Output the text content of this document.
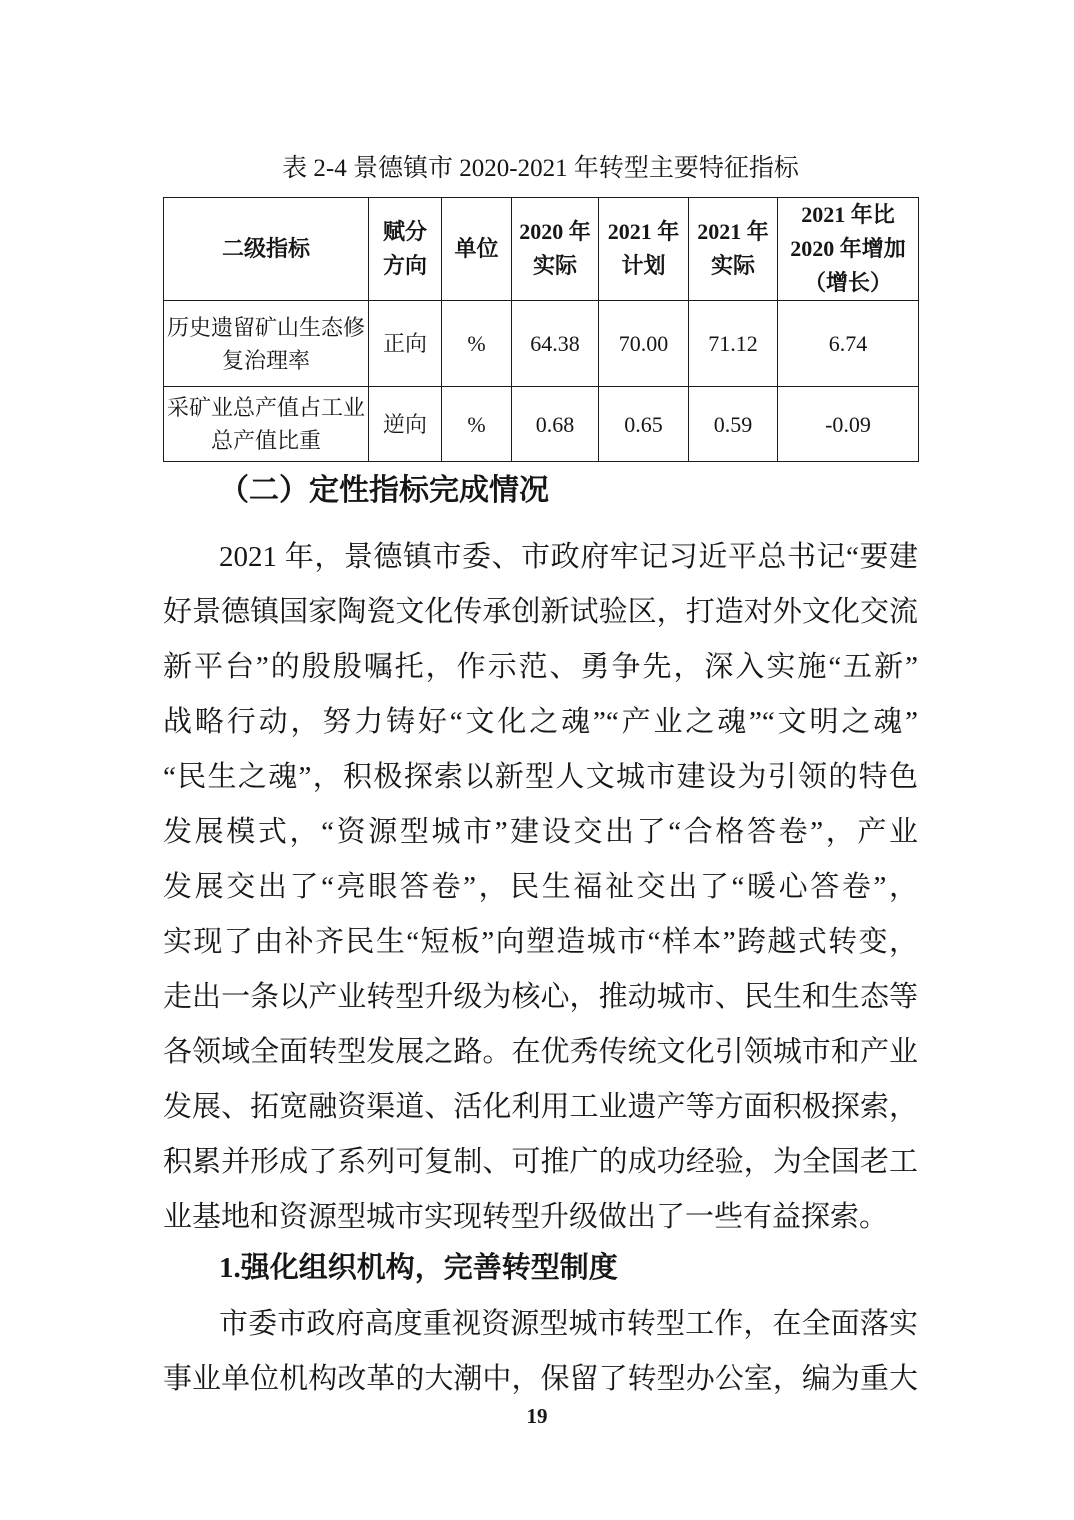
表 2-4 景德镇市 2020-2021 年转型主要特征指标
二级指标	赋分方向	单位	2020 年实际	2021 年计划	2021 年实际	2021 年比 2020 年增加（增长）
历史遗留矿山生态修复治理率	正向	%	64.38	70.00	71.12	6.74
采矿业总产值占工业总产值比重	逆向	%	0.68	0.65	0.59	-0.09
（二）定性指标完成情况
2021 年，景德镇市委、市政府牢记习近平总书记“要建
好景德镇国家陶瓷文化传承创新试验区，打造对外文化交流
新平台”的殷殷嘱托，作示范、勇争先，深入实施“五新”
战略行动，努力铸好“文化之魂”“产业之魂”“文明之魂”
“民生之魂”，积极探索以新型人文城市建设为引领的特色
发展模式，“资源型城市”建设交出了“合格答卷”，产业
发展交出了“亮眼答卷”，民生福祉交出了“暖心答卷”，
实现了由补齐民生“短板”向塑造城市“样本”跨越式转变，
走出一条以产业转型升级为核心，推动城市、民生和生态等
各领域全面转型发展之路。在优秀传统文化引领城市和产业
发展、拓宽融资渠道、活化利用工业遗产等方面积极探索，
积累并形成了系列可复制、可推广的成功经验，为全国老工
业基地和资源型城市实现转型升级做出了一些有益探索。
1.强化组织机构，完善转型制度
市委市政府高度重视资源型城市转型工作，在全面落实
事业单位机构改革的大潮中，保留了转型办公室，编为重大
19
